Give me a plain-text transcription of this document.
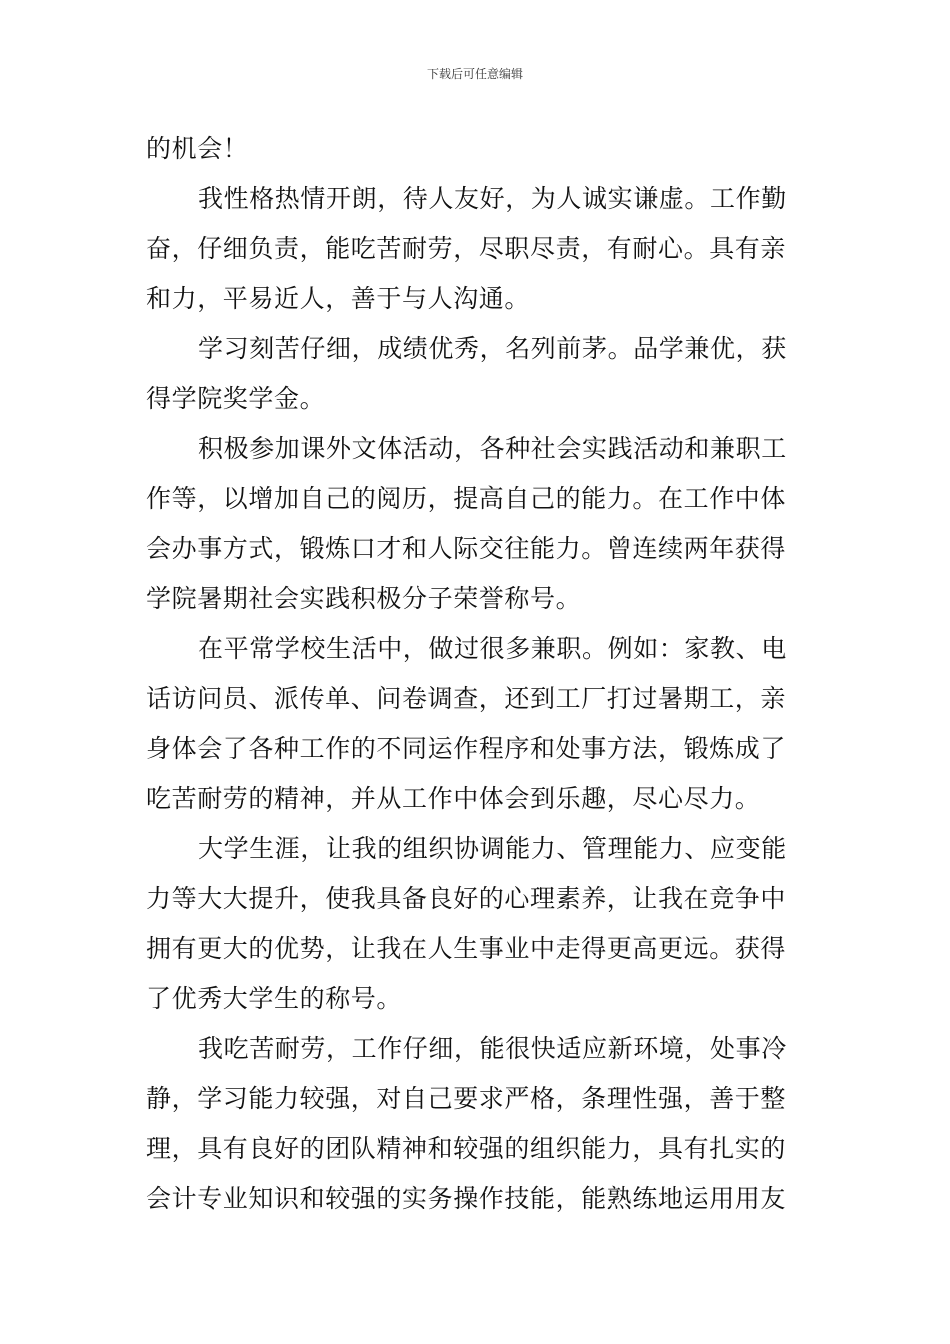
下载后可任意编辑
的机会！
我性格热情开朗，待人友好，为人诚实谦虚。工作勤
奋，仔细负责，能吃苦耐劳，尽职尽责，有耐心。具有亲
和力，平易近人，善于与人沟通。
学习刻苦仔细，成绩优秀，名列前茅。品学兼优，获
得学院奖学金。
积极参加课外文体活动，各种社会实践活动和兼职工
作等，以增加自己的阅历，提高自己的能力。在工作中体
会办事方式，锻炼口才和人际交往能力。曾连续两年获得
学院暑期社会实践积极分子荣誉称号。
在平常学校生活中，做过很多兼职。例如：家教、电
话访问员、派传单、问卷调查，还到工厂打过暑期工，亲
身体会了各种工作的不同运作程序和处事方法，锻炼成了
吃苦耐劳的精神，并从工作中体会到乐趣，尽心尽力。
大学生涯，让我的组织协调能力、管理能力、应变能
力等大大提升，使我具备良好的心理素养，让我在竞争中
拥有更大的优势，让我在人生事业中走得更高更远。获得
了优秀大学生的称号。
我吃苦耐劳，工作仔细，能很快适应新环境，处事冷
静，学习能力较强，对自己要求严格，条理性强，善于整
理，具有良好的团队精神和较强的组织能力，具有扎实的
会计专业知识和较强的实务操作技能，能熟练地运用用友
